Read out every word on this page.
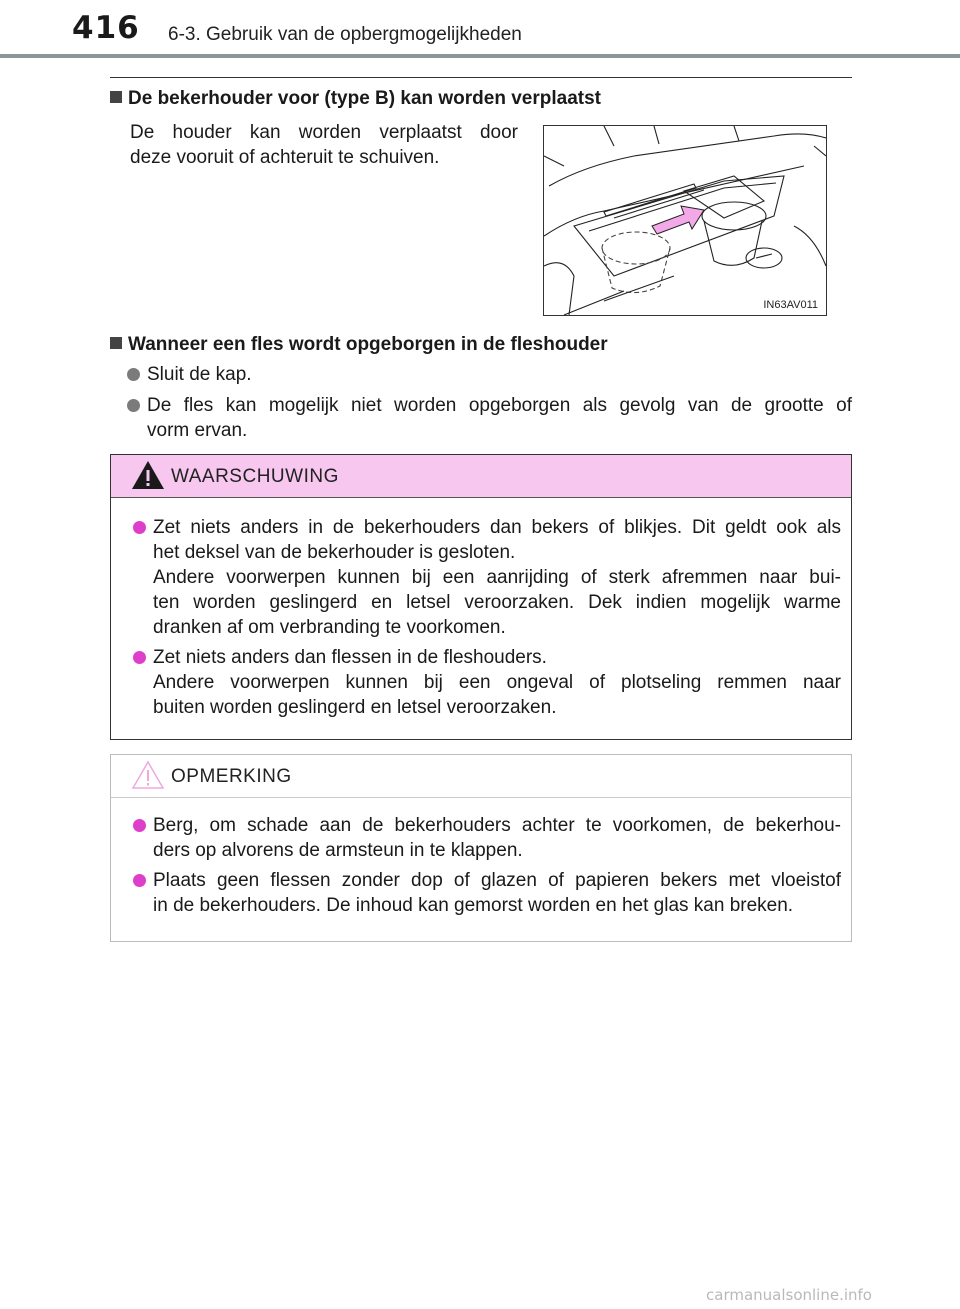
416 6-3. Gebruik van de opbergmogelijkheden
De bekerhouder voor (type B) kan worden verplaatst
De houder kan worden verplaatst door
deze vooruit of achteruit te schuiven.
IN63AV011
Wanneer een fles wordt opgeborgen in de fleshouder
Sluit de kap.
De fles kan mogelijk niet worden opgeborgen als gevolg van de grootte of
vorm ervan.
WAARSCHUWING
Zet niets anders in de bekerhouders dan bekers of blikjes. Dit geldt ook als
het deksel van de bekerhouder is gesloten.
Andere voorwerpen kunnen bij een aanrijding of sterk afremmen naar bui-
ten worden geslingerd en letsel veroorzaken. Dek indien mogelijk warme
dranken af om verbranding te voorkomen.
Zet niets anders dan flessen in de fleshouders.
Andere voorwerpen kunnen bij een ongeval of plotseling remmen naar
buiten worden geslingerd en letsel veroorzaken.
OPMERKING
Berg, om schade aan de bekerhouders achter te voorkomen, de bekerhou-
ders op alvorens de armsteun in te klappen.
Plaats geen flessen zonder dop of glazen of papieren bekers met vloeistof
in de bekerhouders. De inhoud kan gemorst worden en het glas kan breken.
carmanualsonline.info
